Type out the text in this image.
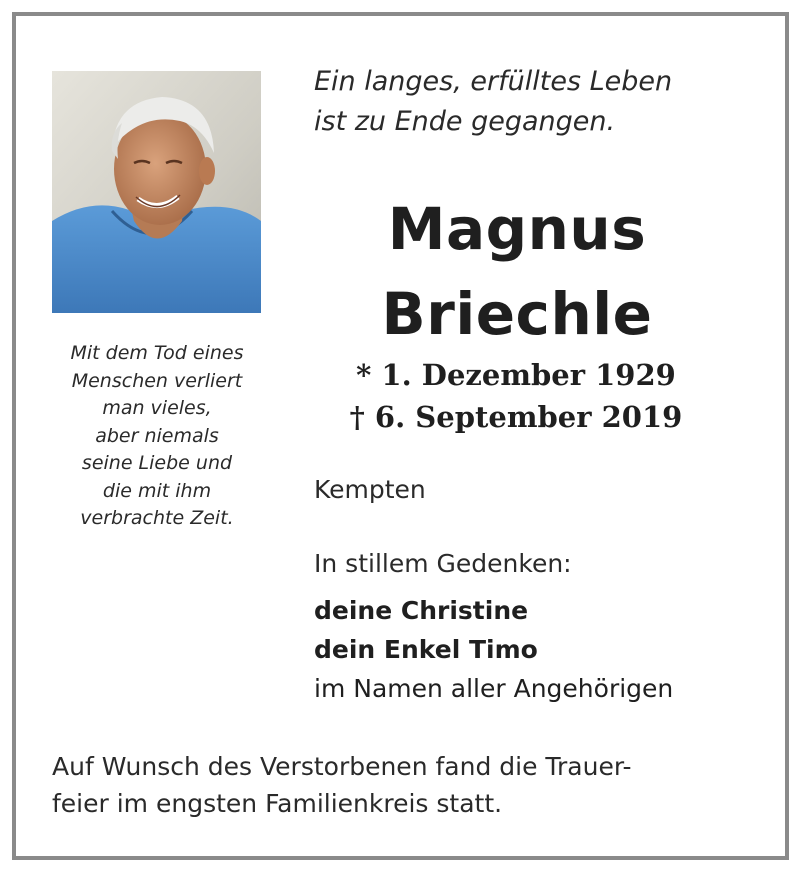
Mit dem Tod eines
Menschen verliert
man vieles,
aber niemals
seine Liebe und
die mit ihm
verbrachte Zeit.
Ein langes, erfülltes Leben
ist zu Ende gegangen.
Magnus
Briechle
* 1. Dezember 1929
† 6. September 2019
Kempten
In stillem Gedenken:
deine Christine
dein Enkel Timo
im Namen aller Angehörigen
Auf Wunsch des Verstorbenen fand die Trauer-
feier im engsten Familienkreis statt.
